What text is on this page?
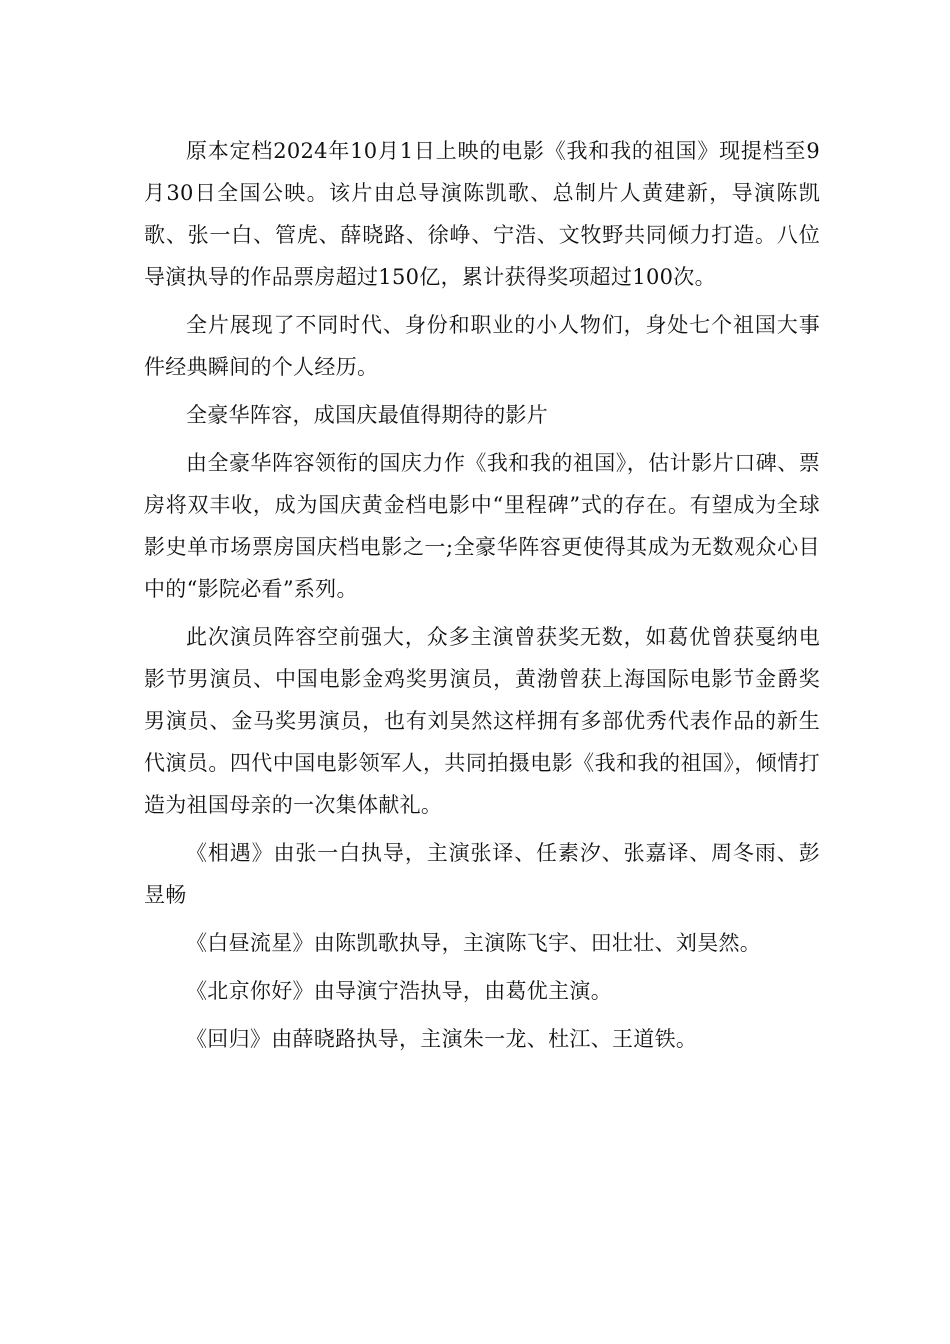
原本定档2024年10月1日上映的电影《我和我的祖国》现提档至9月30日全国公映。该片由总导演陈凯歌、总制片人黄建新，导演陈凯歌、张一白、管虎、薛晓路、徐峥、宁浩、文牧野共同倾力打造。八位导演执导的作品票房超过150亿，累计获得奖项超过100次。

全片展现了不同时代、身份和职业的小人物们，身处七个祖国大事件经典瞬间的个人经历。

全豪华阵容，成国庆最值得期待的影片

由全豪华阵容领衔的国庆力作《我和我的祖国》，估计影片口碑、票房将双丰收，成为国庆黄金档电影中“里程碑”式的存在。有望成为全球影史单市场票房国庆档电影之一;全豪华阵容更使得其成为无数观众心目中的“影院必看”系列。

此次演员阵容空前强大，众多主演曾获奖无数，如葛优曾获戛纳电影节男演员、中国电影金鸡奖男演员，黄渤曾获上海国际电影节金爵奖男演员、金马奖男演员，也有刘昊然这样拥有多部优秀代表作品的新生代演员。四代中国电影领军人，共同拍摄电影《我和我的祖国》，倾情打造为祖国母亲的一次集体献礼。

《相遇》由张一白执导，主演张译、任素汐、张嘉译、周冬雨、彭昱畅

《白昼流星》由陈凯歌执导，主演陈飞宇、田壮壮、刘昊然。

《北京你好》由导演宁浩执导，由葛优主演。

《回归》由薛晓路执导，主演朱一龙、杜江、王道铁。
